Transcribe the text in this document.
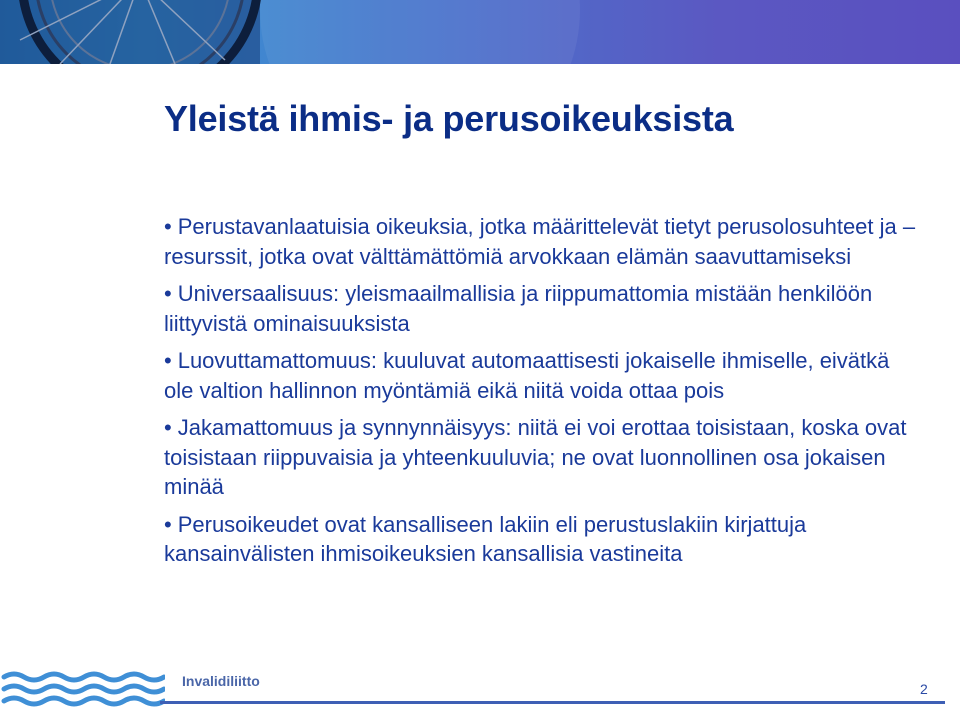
Yleistä ihmis- ja perusoikeuksista
• Perustavanlaatuisia oikeuksia, jotka määrittelevät tietyt perusolosuhteet ja –resurssit, jotka ovat välttämättömiä arvokkaan elämän saavuttamiseksi
• Universaalisuus: yleismaailmallisia ja riippumattomia mistään henkilöön liittyvistä ominaisuuksista
• Luovuttamattomuus: kuuluvat automaattisesti jokaiselle ihmiselle, eivätkä ole valtion hallinnon myöntämiä eikä niitä voida ottaa pois
• Jakamattomuus ja synnynnäisyys: niitä ei voi erottaa toisistaan, koska ovat toisistaan riippuvaisia ja yhteenkuuluvia; ne ovat luonnollinen osa jokaisen minää
• Perusoikeudet ovat kansalliseen lakiin eli perustuslakiin kirjattuja kansainvälisten ihmisoikeuksien kansallisia vastineita
Invalidiliitto	2
